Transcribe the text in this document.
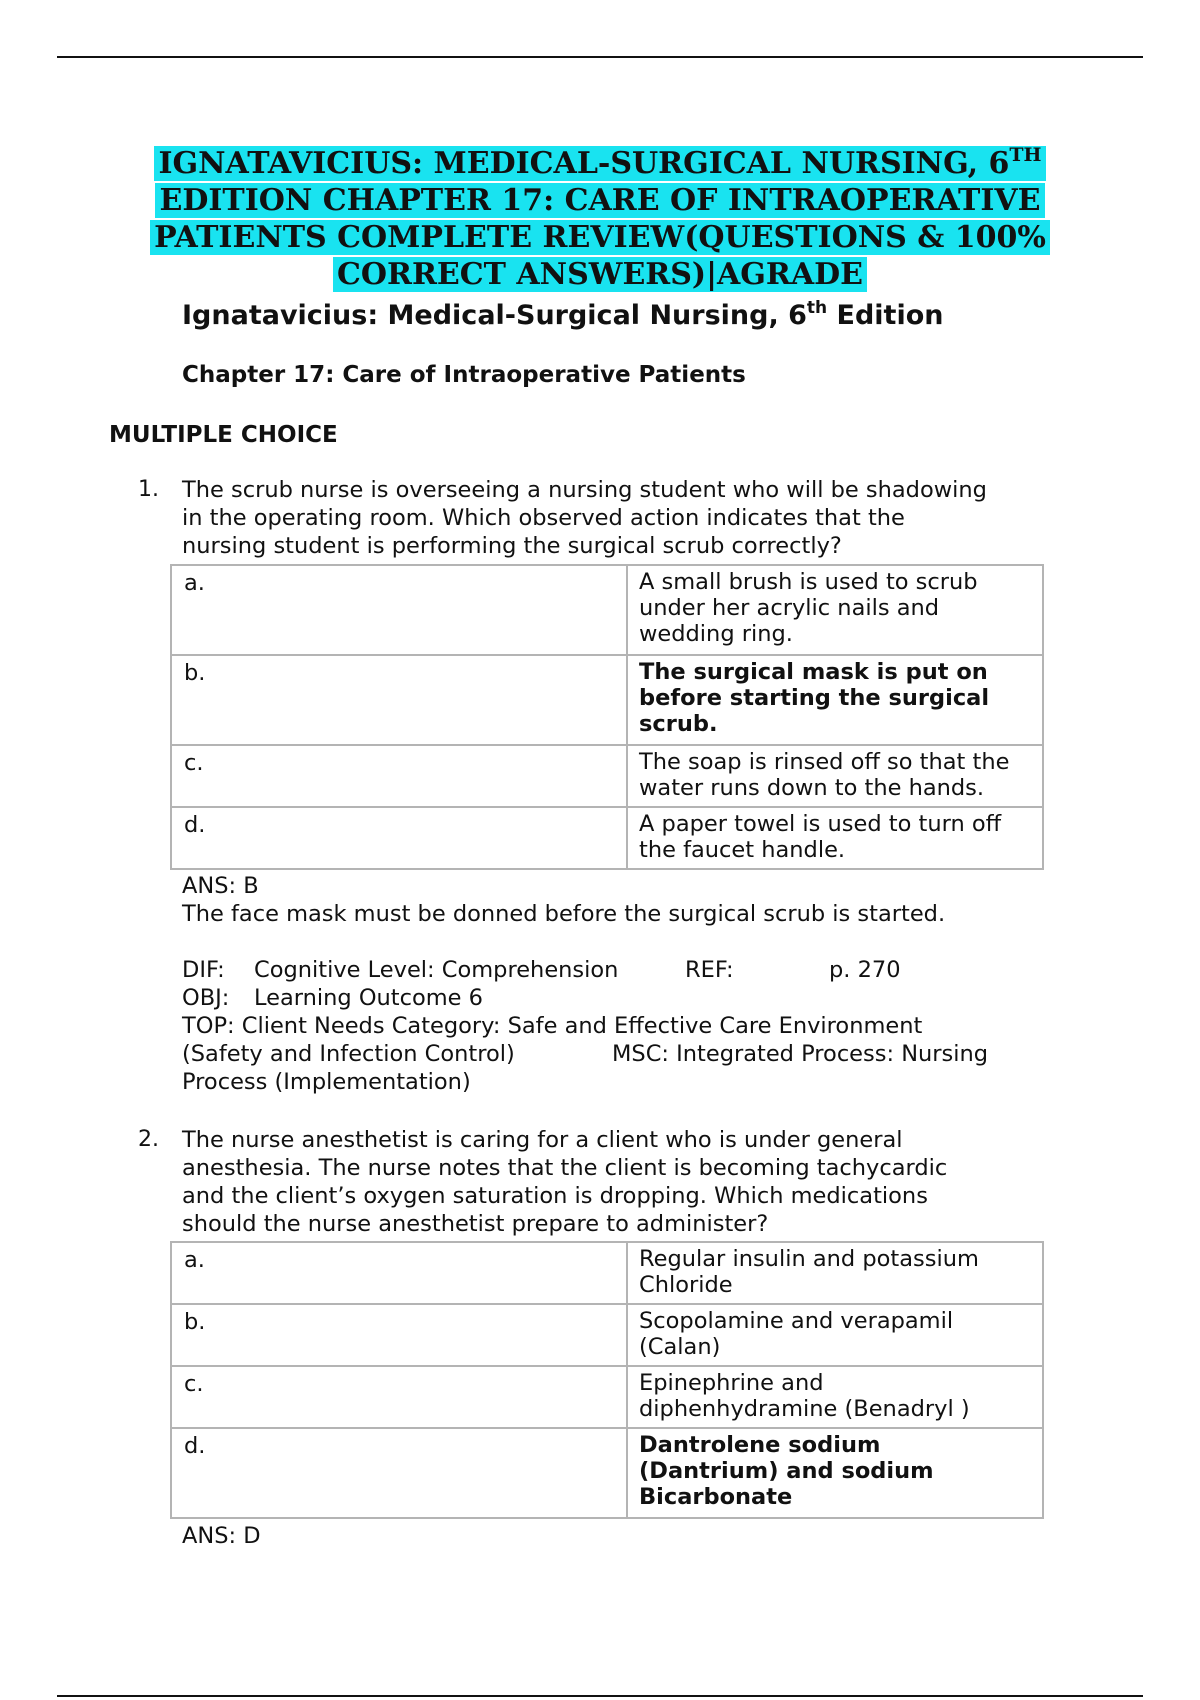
IGNATAVICIUS: MEDICAL-SURGICAL NURSING, 6TH
EDITION CHAPTER 17: CARE OF INTRAOPERATIVE
PATIENTS COMPLETE REVIEW(QUESTIONS & 100%
CORRECT ANSWERS)|AGRADE
Ignatavicius: Medical-Surgical Nursing, 6th Edition
Chapter 17: Care of Intraoperative Patients
MULTIPLE CHOICE
1. The scrub nurse is overseeing a nursing student who will be shadowing
in the operating room. Which observed action indicates that the
nursing student is performing the surgical scrub correctly?
a.	A small brush is used to scrub
under her acrylic nails and
wedding ring.

b.	The surgical mask is put on
before starting the surgical
scrub.

c.	The soap is rinsed off so that the
water runs down to the hands.

d.	A paper towel is used to turn off
the faucet handle.
ANS: B
The face mask must be donned before the surgical scrub is started.
DIF: Cognitive Level: Comprehension	REF:	p. 270
OBJ: Learning Outcome 6
TOP: Client Needs Category: Safe and Effective Care Environment
(Safety and Infection Control)	MSC: Integrated Process: Nursing
Process (Implementation)
2. The nurse anesthetist is caring for a client who is under general
anesthesia. The nurse notes that the client is becoming tachycardic
and the client’s oxygen saturation is dropping. Which medications
should the nurse anesthetist prepare to administer?
a.	Regular insulin and potassium
Chloride

b.	Scopolamine and verapamil
(Calan)

c.	Epinephrine and
diphenhydramine (Benadryl )

d.	Dantrolene sodium
(Dantrium) and sodium
Bicarbonate
ANS: D
